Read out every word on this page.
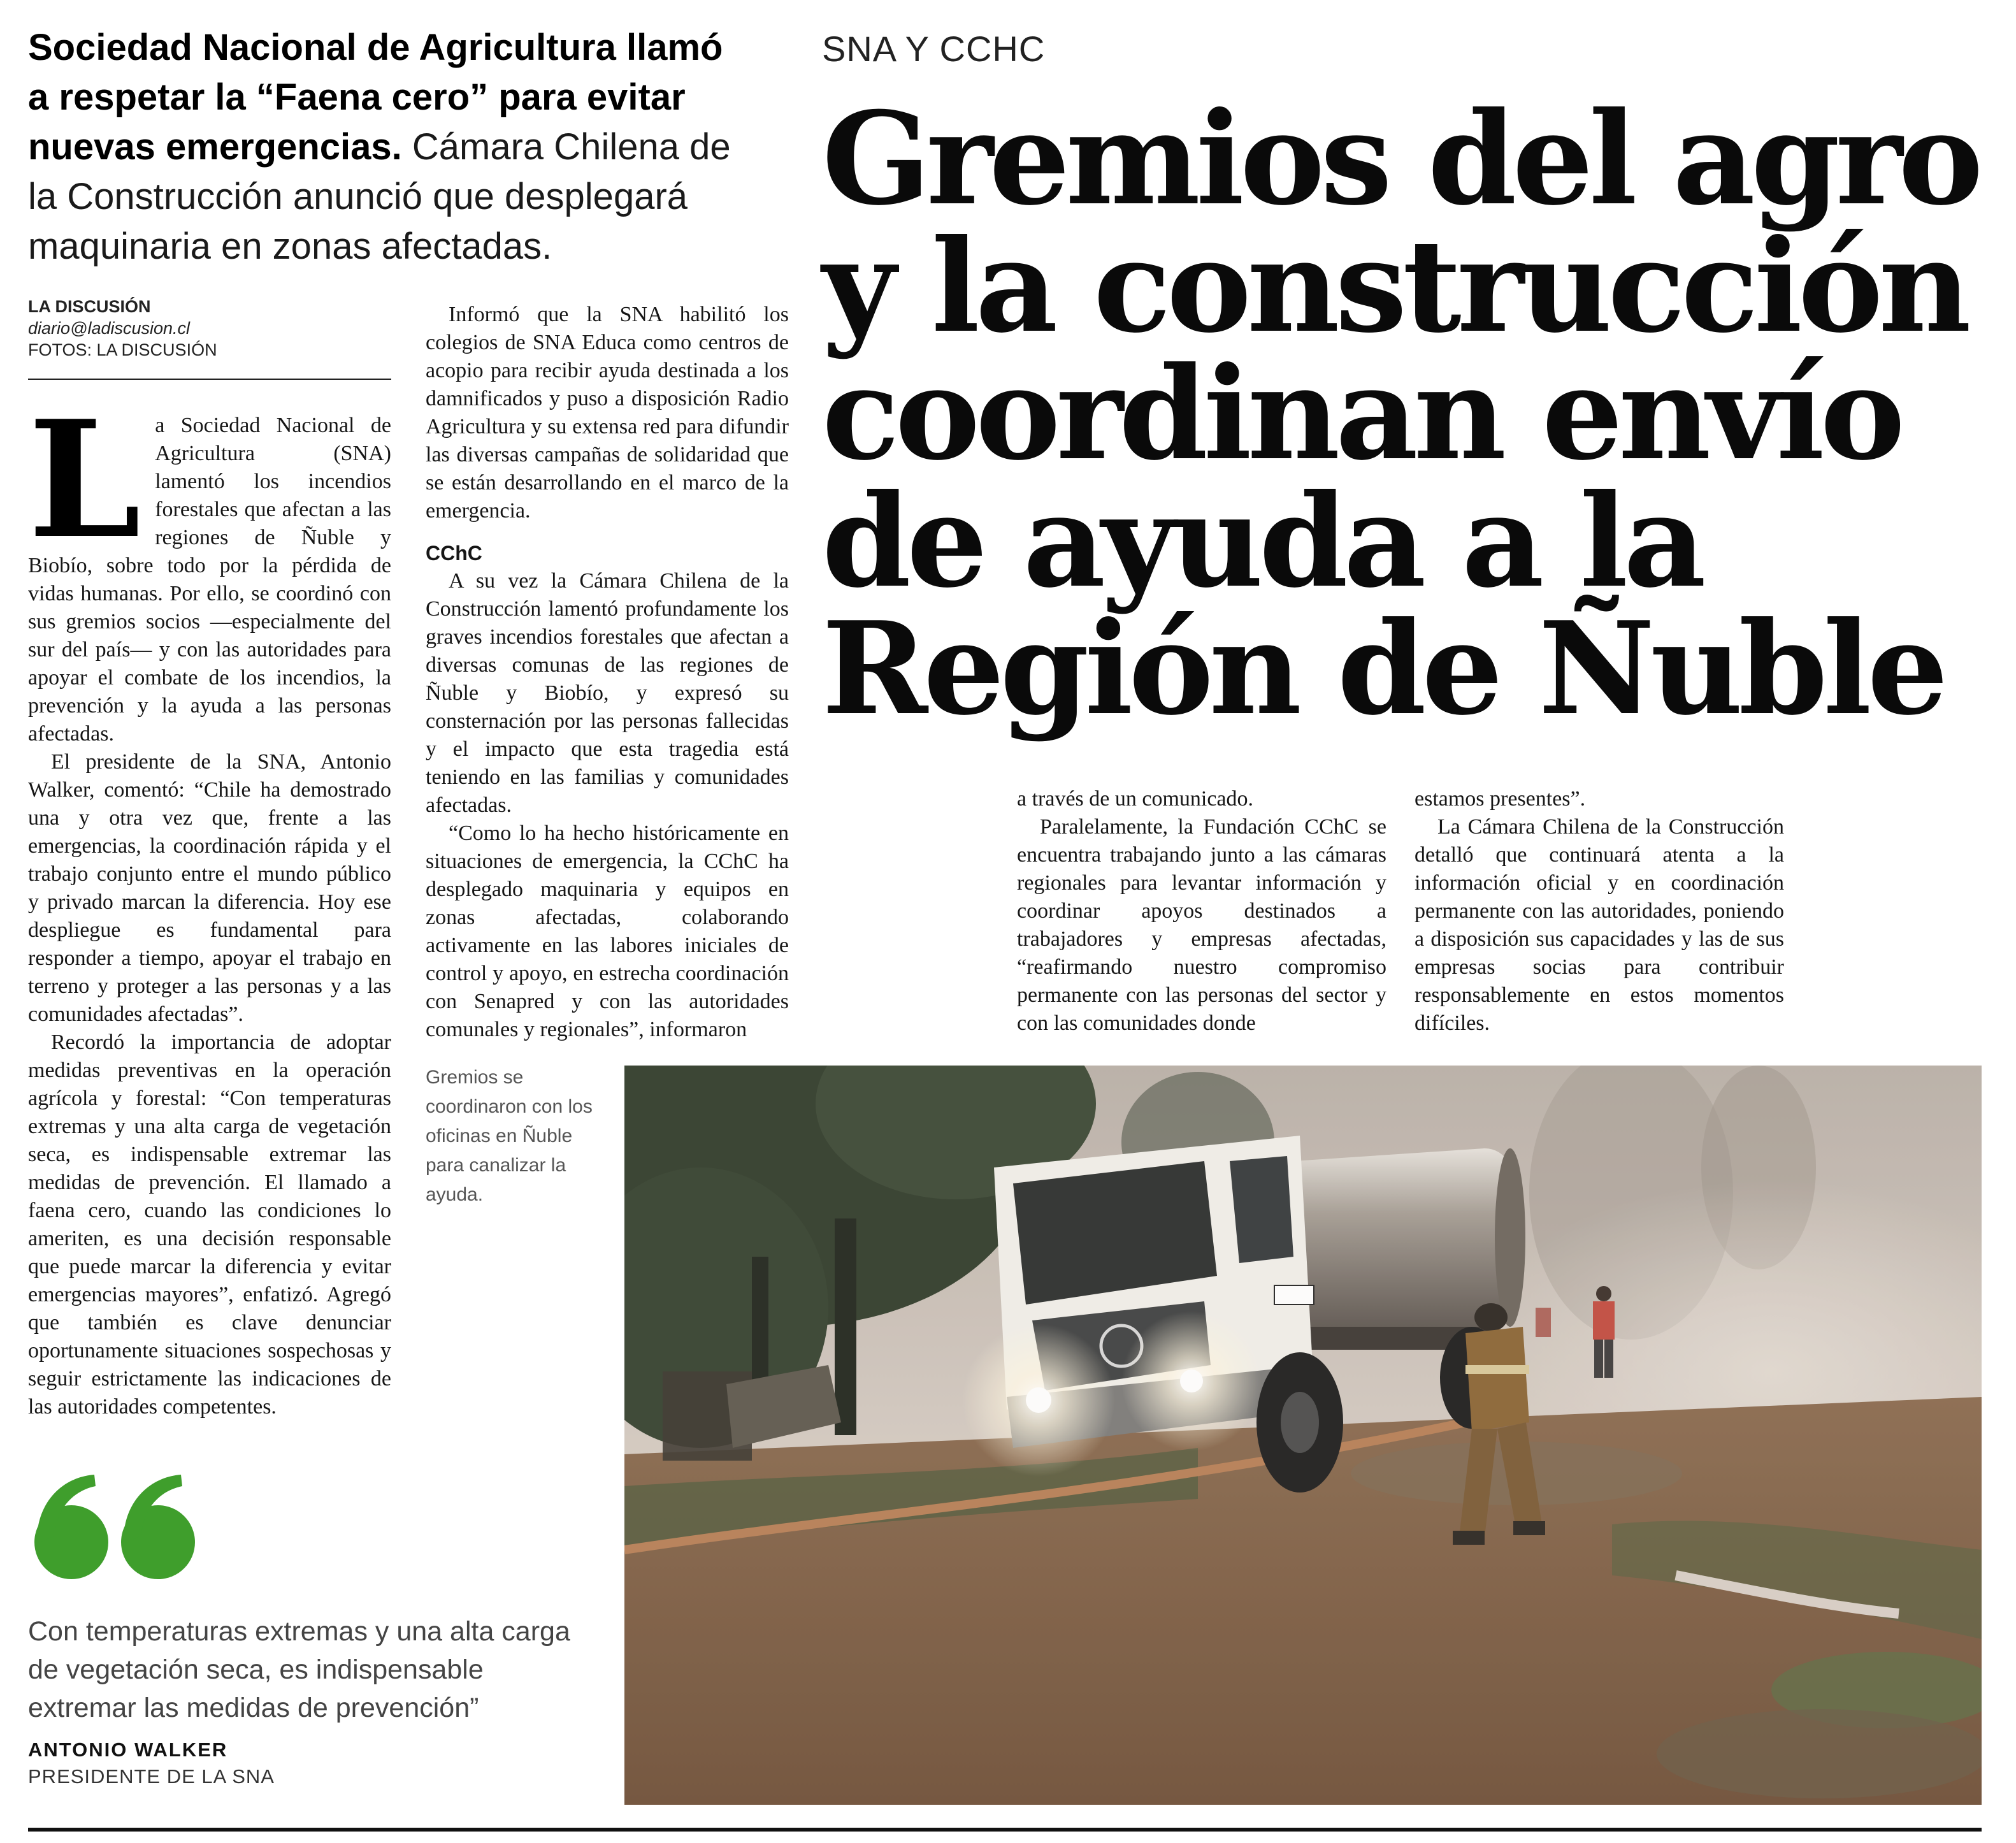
Sociedad Nacional de Agricultura llamó a respetar la “Faena cero” para evitar nuevas emergencias. Cámara Chilena de la Construcción anunció que desplegará maquinaria en zonas afectadas.
LA DISCUSIÓN
diario@ladiscusion.cl
FOTOS: LA DISCUSIÓN
SNA Y CCHC
Gremios del agro y la construcción coordinan envío de ayuda a la Región de Ñuble
L a Sociedad Nacional de Agricultura (SNA) lamentó los incendios forestales que afectan a las regiones de Ñuble y Biobío, sobre todo por la pérdida de vidas humanas. Por ello, se coordinó con sus gremios socios —especialmente del sur del país— y con las autoridades para apoyar el combate de los incendios, la prevención y la ayuda a las personas afectadas.

El presidente de la SNA, Antonio Walker, comentó: “Chile ha demostrado una y otra vez que, frente a las emergencias, la coordinación rápida y el trabajo conjunto entre el mundo público y privado marcan la diferencia. Hoy ese despliegue es fundamental para responder a tiempo, apoyar el trabajo en terreno y proteger a las personas y a las comunidades afectadas”.

Recordó la importancia de adoptar medidas preventivas en la operación agrícola y forestal: “Con temperaturas extremas y una alta carga de vegetación seca, es indispensable extremar las medidas de prevención. El llamado a faena cero, cuando las condiciones lo ameriten, es una decisión responsable que puede marcar la diferencia y evitar emergencias mayores”, enfatizó. Agregó que también es clave denunciar oportunamente situaciones sospechosas y seguir estrictamente las indicaciones de las autoridades competentes.

Informó que la SNA habilitó los colegios de SNA Educa como centros de acopio para recibir ayuda destinada a los damnificados y puso a disposición Radio Agricultura y su extensa red para difundir las diversas campañas de solidaridad que se están desarrollando en el marco de la emergencia.

CChC

A su vez la Cámara Chilena de la Construcción lamentó profundamente los graves incendios forestales que afectan a diversas comunas de las regiones de Ñuble y Biobío, y expresó su consternación por las personas fallecidas y el impacto que esta tragedia está teniendo en las familias y comunidades afectadas.

“Como lo ha hecho históricamente en situaciones de emergencia, la CChC ha desplegado maquinaria y equipos en zonas afectadas, colaborando activamente en las labores iniciales de control y apoyo, en estrecha coordinación con Senapred y con las autoridades comunales y regionales”, informaron

a través de un comunicado.

Paralelamente, la Fundación CChC se encuentra trabajando junto a las cámaras regionales para levantar información y coordinar apoyos destinados a trabajadores y empresas afectadas, “reafirmando nuestro compromiso permanente con las personas del sector y con las comunidades donde

estamos presentes”.

La Cámara Chilena de la Construcción detalló que continuará atenta a la información oficial y en coordinación permanente con las autoridades, poniendo a disposición sus capacidades y las de sus empresas socias para contribuir responsablemente en estos momentos difíciles.

Gremios se coordinaron con los oficinas en Ñuble para canalizar la ayuda.
Con temperaturas extremas y una alta carga de vegetación seca, es indispensable extremar las medidas de prevención”
ANTONIO WALKER
PRESIDENTE DE LA SNA
